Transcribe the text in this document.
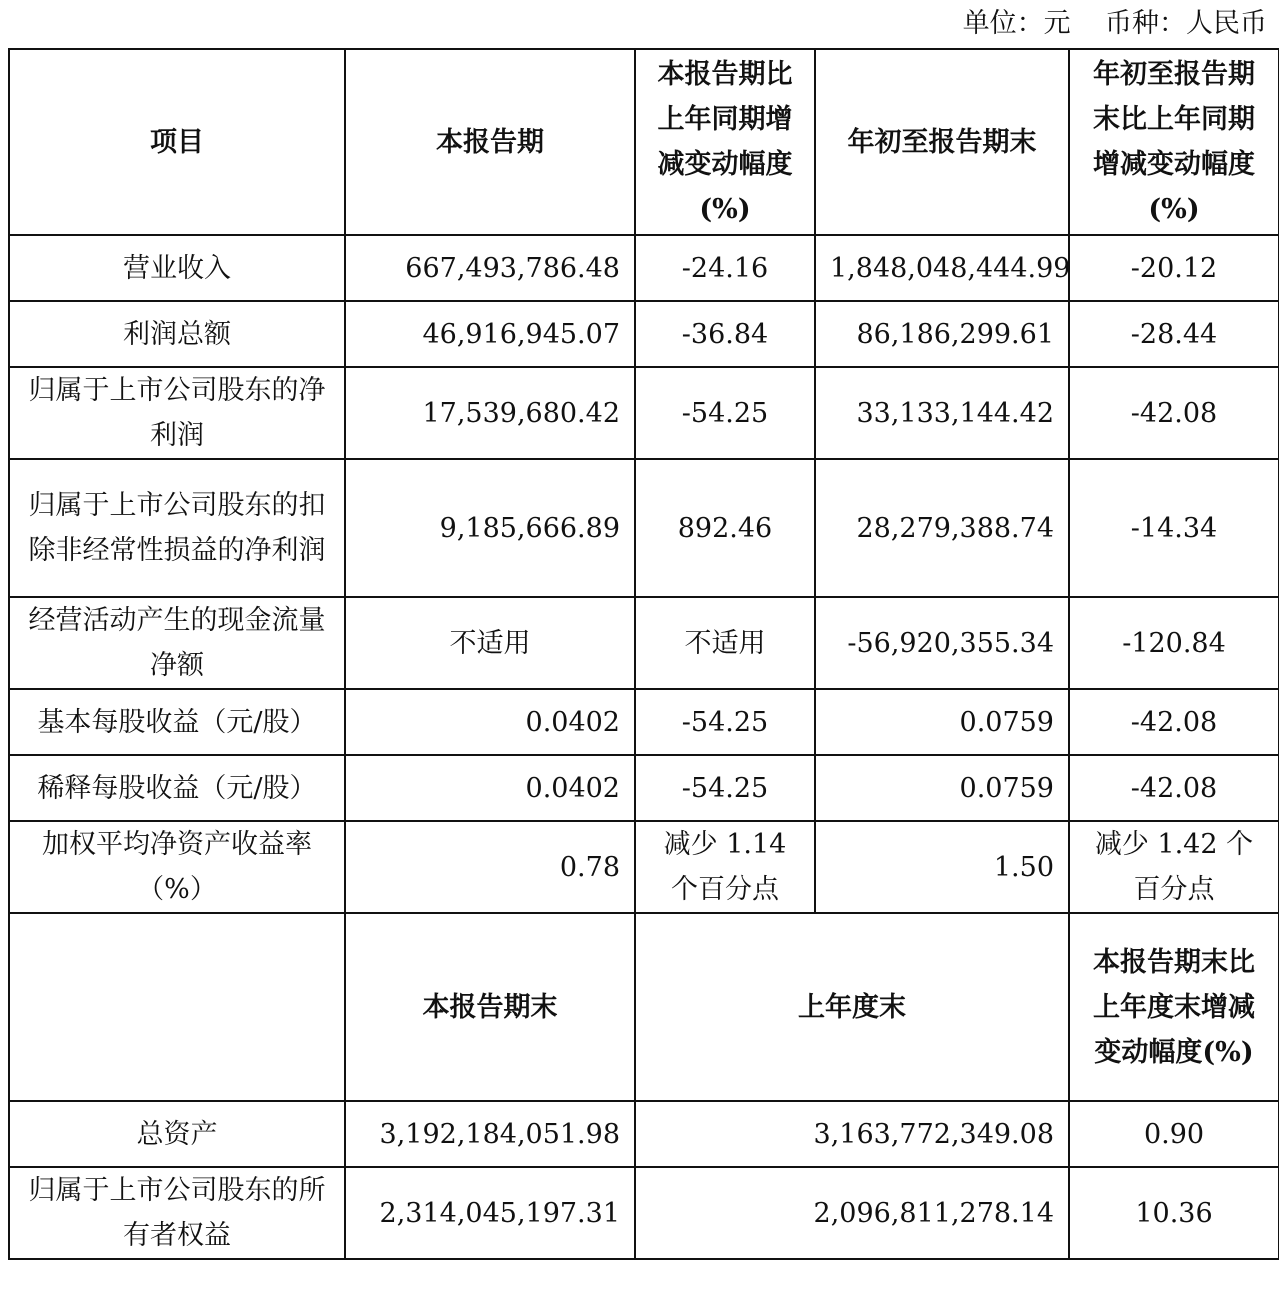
单位：元    币种：人民币
项目	本报告期	本报告期比上年同期增减变动幅度(%)	年初至报告期末	年初至报告期末比上年同期增减变动幅度(%)
营业收入	667,493,786.48	-24.16	1,848,048,444.99	-20.12
利润总额	46,916,945.07	-36.84	86,186,299.61	-28.44
归属于上市公司股东的净利润	17,539,680.42	-54.25	33,133,144.42	-42.08
归属于上市公司股东的扣除非经常性损益的净利润	9,185,666.89	892.46	28,279,388.74	-14.34
经营活动产生的现金流量净额	不适用	不适用	-56,920,355.34	-120.84
基本每股收益（元/股）	0.0402	-54.25	0.0759	-42.08
稀释每股收益（元/股）	0.0402	-54.25	0.0759	-42.08
加权平均净资产收益率（%）	0.78	减少 1.14 个百分点	1.50	减少 1.42 个百分点
	本报告期末	上年度末		本报告期末比上年度末增减变动幅度(%)
总资产	3,192,184,051.98	3,163,772,349.08		0.90
归属于上市公司股东的所有者权益	2,314,045,197.31	2,096,811,278.14		10.36
